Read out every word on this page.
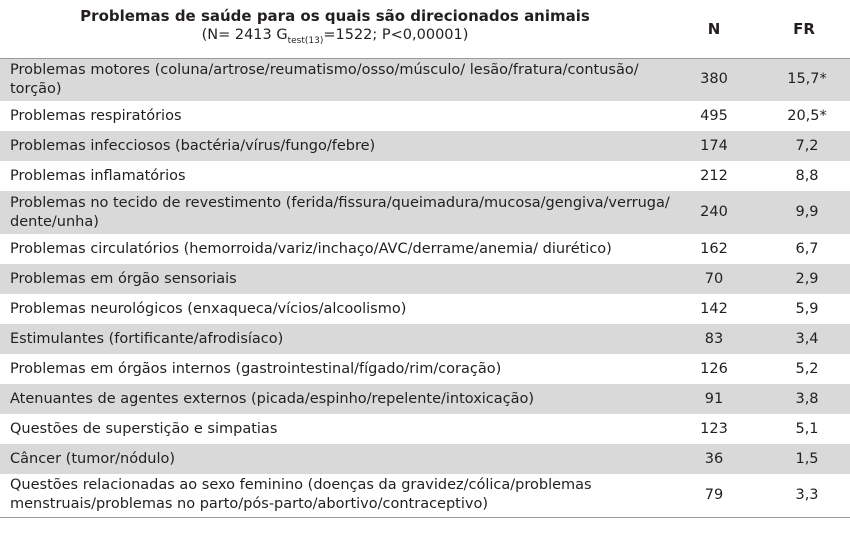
Problemas de saúde para os quais são direcionados animais
(N= 2413 $G_{test(13)}=1522$; P<0,00001)	N	FR
Problemas motores (coluna/artrose/reumatismo/osso/músculo/ lesão/fratura/contusão/ torção)	380	15,7*
Problemas respiratórios	495	20,5*
Problemas infecciosos (bactéria/vírus/fungo/febre)	174	7,2
Problemas inflamatórios	212	8,8
Problemas no tecido de revestimento (ferida/fissura/queimadura/mucosa/gengiva/verruga/ dente/unha)	240	9,9
Problemas circulatórios (hemorroida/variz/inchaço/AVC/derrame/anemia/ diurético)	162	6,7
Problemas em órgão sensoriais	70	2,9
Problemas neurológicos (enxaqueca/vícios/alcoolismo)	142	5,9
Estimulantes (fortificante/afrodisíaco)	83	3,4
Problemas em órgãos internos (gastrointestinal/fígado/rim/coração)	126	5,2
Atenuantes de agentes externos (picada/espinho/repelente/intoxicação)	91	3,8
Questões de superstição e simpatias	123	5,1
Câncer (tumor/nódulo)	36	1,5
Questões relacionadas ao sexo feminino (doenças da gravidez/cólica/problemas menstruais/problemas no parto/pós-parto/abortivo/contraceptivo)	79	3,3
